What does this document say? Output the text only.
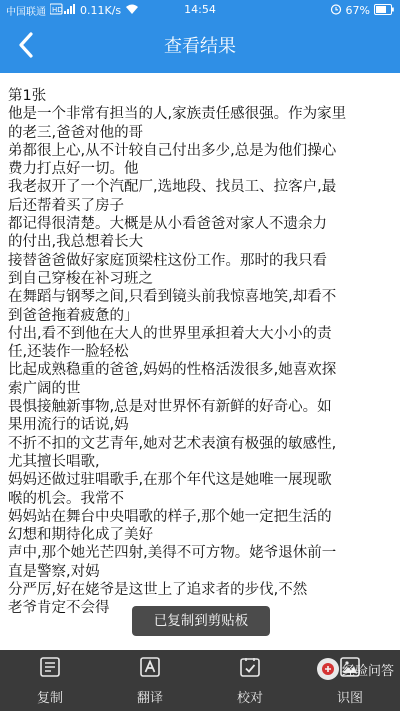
中国联通 HD 0.11K/s	14:54	67%
查看结果

第1张

他是一个非常有担当的人,家族责任感很强。作为家里

的老三,爸爸对他的哥

弟都很上心,从不计较自己付出多少,总是为他们操心

费力打点好一切。他

我老叔开了一个汽配厂,选地段、找员工、拉客户,最

后还帮着买了房子

都记得很清楚。大概是从小看爸爸对家人不遗余力

的付出,我总想着长大

接替爸爸做好家庭顶梁柱这份工作。那时的我只看

到自己穿梭在补习班之

在舞蹈与钢琴之间,只看到镜头前我惊喜地笑,却看不

到爸爸拖着疲惫的」

付出,看不到他在大人的世界里承担着大大小小的责

任,还装作一脸轻松

比起成熟稳重的爸爸,妈妈的性格活泼很多,她喜欢探

索广阔的世

畏惧接触新事物,总是对世界怀有新鲜的好奇心。如

果用流行的话说,妈

不折不扣的文艺青年,她对艺术表演有极强的敏感性,

尤其擅长唱歌,

妈妈还做过驻唱歌手,在那个年代这是她唯一展现歌

喉的机会。我常不

妈妈站在舞台中央唱歌的样子,那个她一定把生活的

幻想和期待化成了美好

声中,那个她光芒四射,美得不可方物。姥爷退休前一

直是警察,对妈

分严厉,好在姥爷是这世上了追求者的步伐,不然

老爷肯定不会得

已复制到剪贴板
复制	翻译	校对	识图
经验问答
